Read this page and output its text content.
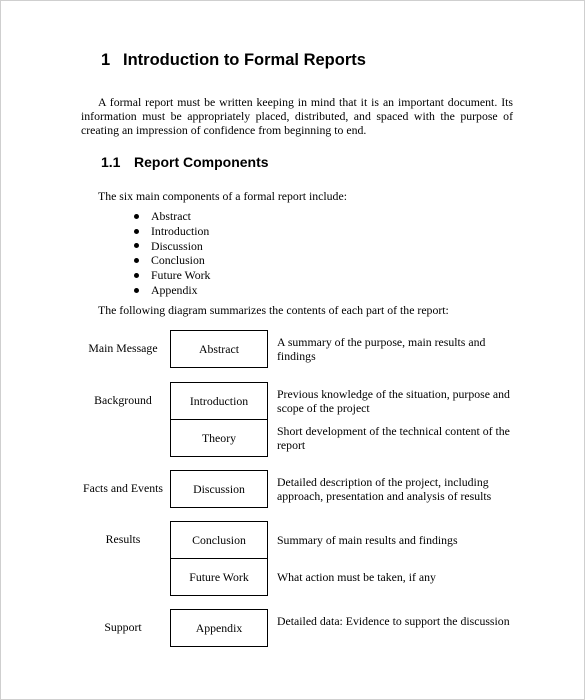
1 Introduction to Formal Reports

A formal report must be written keeping in mind that it is an important document. Its information must be appropriately placed, distributed, and spaced with the purpose of creating an impression of confidence from beginning to end.

1.1 Report Components
The six main components of a formal report include:
Abstract
Introduction
Discussion
Conclusion
Future Work
Appendix
The following diagram summarizes the contents of each part of the report:
Main Message
Background
Facts and Events
Results
Support
Abstract
Introduction
Theory
Discussion
Conclusion
Future Work
Appendix
A summary of the purpose, main results and findings
Previous knowledge of the situation, purpose and scope of the project
Short development of the technical content of the report
Detailed description of the project, including approach, presentation and analysis of results
Summary of main results and findings
What action must be taken, if any
Detailed data: Evidence to support the discussion
